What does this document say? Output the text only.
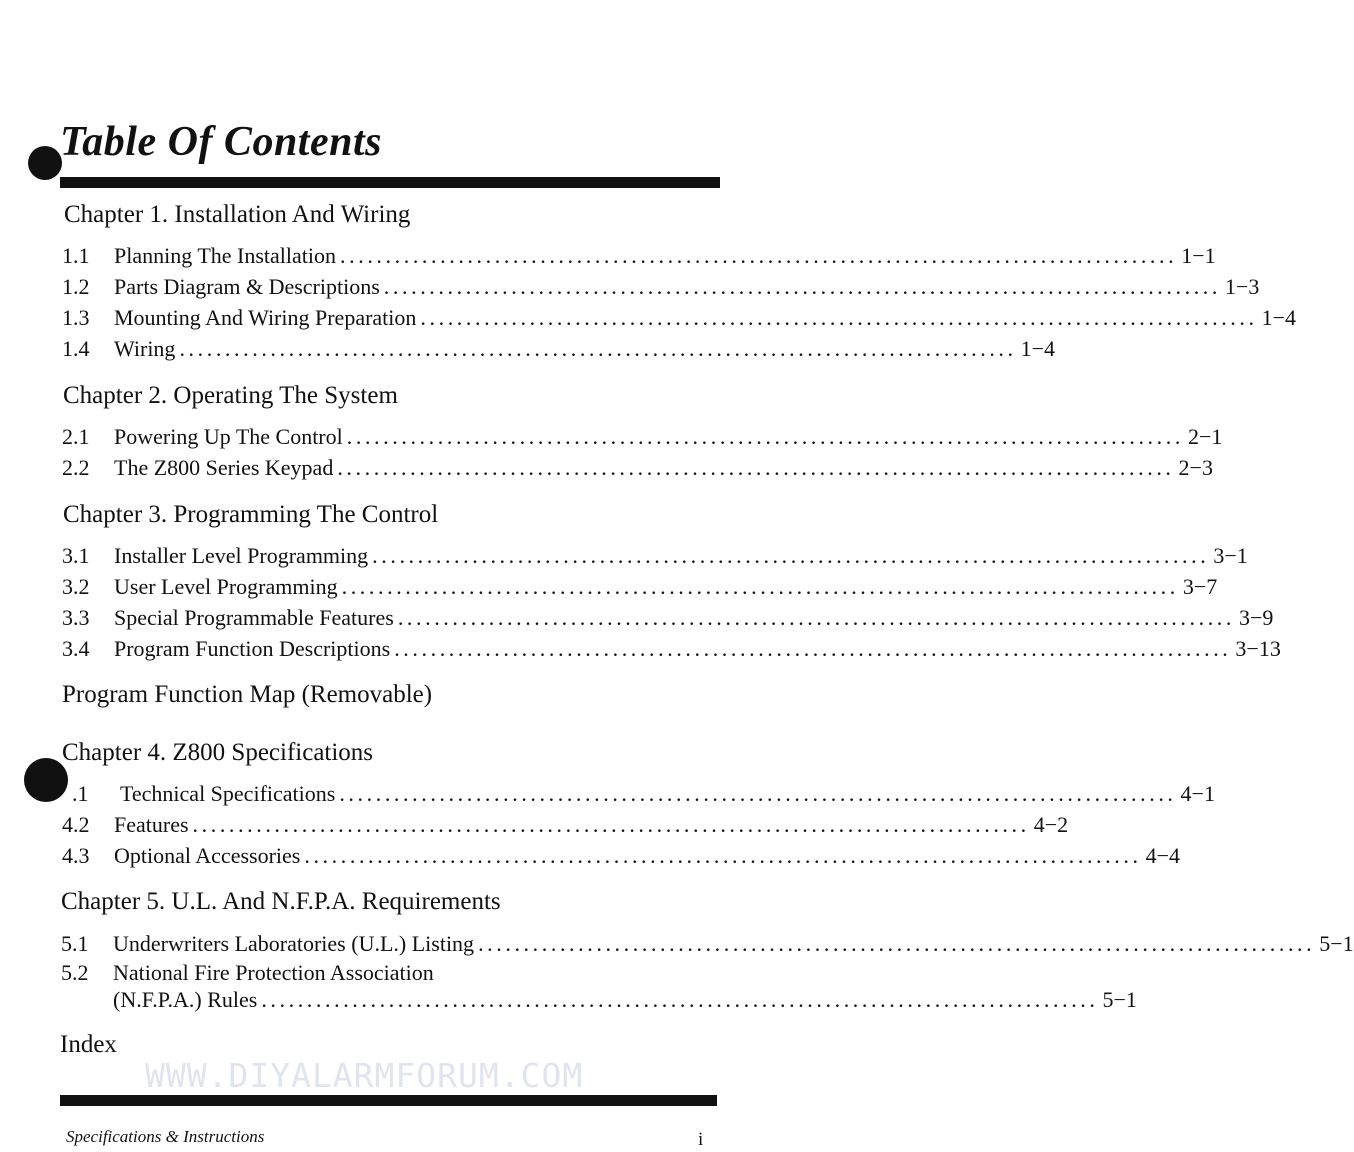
Table Of Contents
Chapter 1. Installation And Wiring
1.1	Planning The Installation ............................................................................................ 1−1
1.2	Parts Diagram & Descriptions ............................................................................................ 1−3
1.3	Mounting And Wiring Preparation ............................................................................................ 1−4
1.4	Wiring ............................................................................................ 1−4
Chapter 2. Operating The System
2.1	Powering Up The Control ............................................................................................ 2−1
2.2	The Z800 Series Keypad ............................................................................................ 2−3
Chapter 3. Programming The Control
3.1	Installer Level Programming ............................................................................................ 3−1
3.2	User Level Programming ............................................................................................ 3−7
3.3	Special Programmable Features ............................................................................................ 3−9
3.4	Program Function Descriptions ............................................................................................ 3−13
Program Function Map (Removable)
Chapter 4. Z800 Specifications
.1	Technical Specifications ............................................................................................ 4−1
4.2	Features ............................................................................................ 4−2
4.3	Optional Accessories ............................................................................................ 4−4
Chapter 5. U.L. And N.F.P.A. Requirements
5.1	Underwriters Laboratories (U.L.) Listing ............................................................................................ 5−1
5.2 National Fire Protection Association
(N.F.P.A.) Rules ............................................................................................ 5−1
Index
WWW.DIYALARMFORUM.COM
Specifications & Instructions	i
